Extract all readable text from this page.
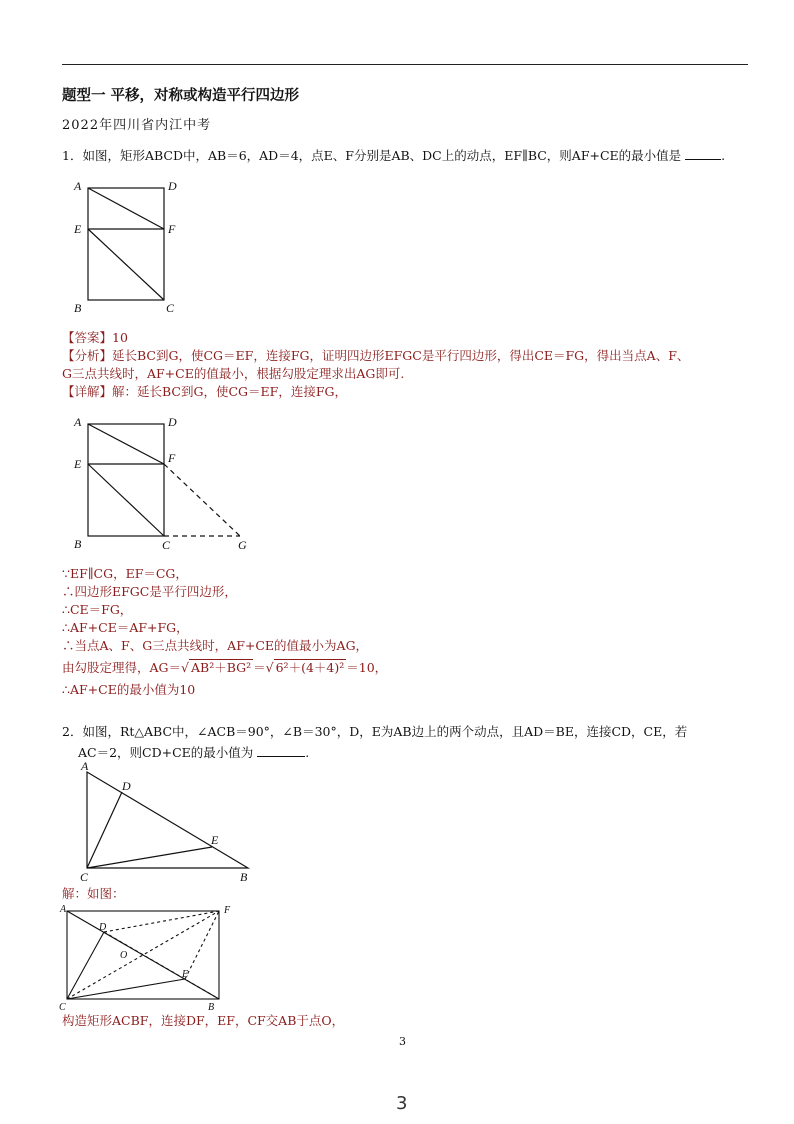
题型一 平移，对称或构造平行四边形
2022年四川省内江中考
1．如图，矩形ABCD中，AB＝6，AD＝4，点E、F分别是AB、DC上的动点，EF∥BC，则AF+CE的最小值是	.
A	D
E	F
B	C
【答案】10
【分析】延长BC到G，使CG＝EF，连接FG，证明四边形EFGC是平行四边形，得出CE＝FG，得出当点A、F、
G三点共线时，AF+CE的值最小，根据勾股定理求出AG即可.
【详解】解：延长BC到G，使CG＝EF，连接FG，
A	D
E	F
B	C	G
∵EF∥CG，EF＝CG，
∴四边形EFGC是平行四边形，
∴CE＝FG，
∴AF+CE＝AF+FG，
∴当点A、F、G三点共线时，AF+CE的值最小为AG，
由勾股定理得，AG＝√ AB²＋BG² ＝√ 6²＋(4＋4)² ＝10，
∴AF+CE的最小值为10
2．如图，Rt△ABC中，∠ACB＝90°，∠B＝30°，D，E为AB边上的两个动点，且AD＝BE，连接CD，CE，若
AC＝2，则CD+CE的最小值为	.
A
D
E
C	B
解：如图：
A	F
D
O
E
C	B
构造矩形ACBF，连接DF，EF，CF交AB于点O，
3
3
